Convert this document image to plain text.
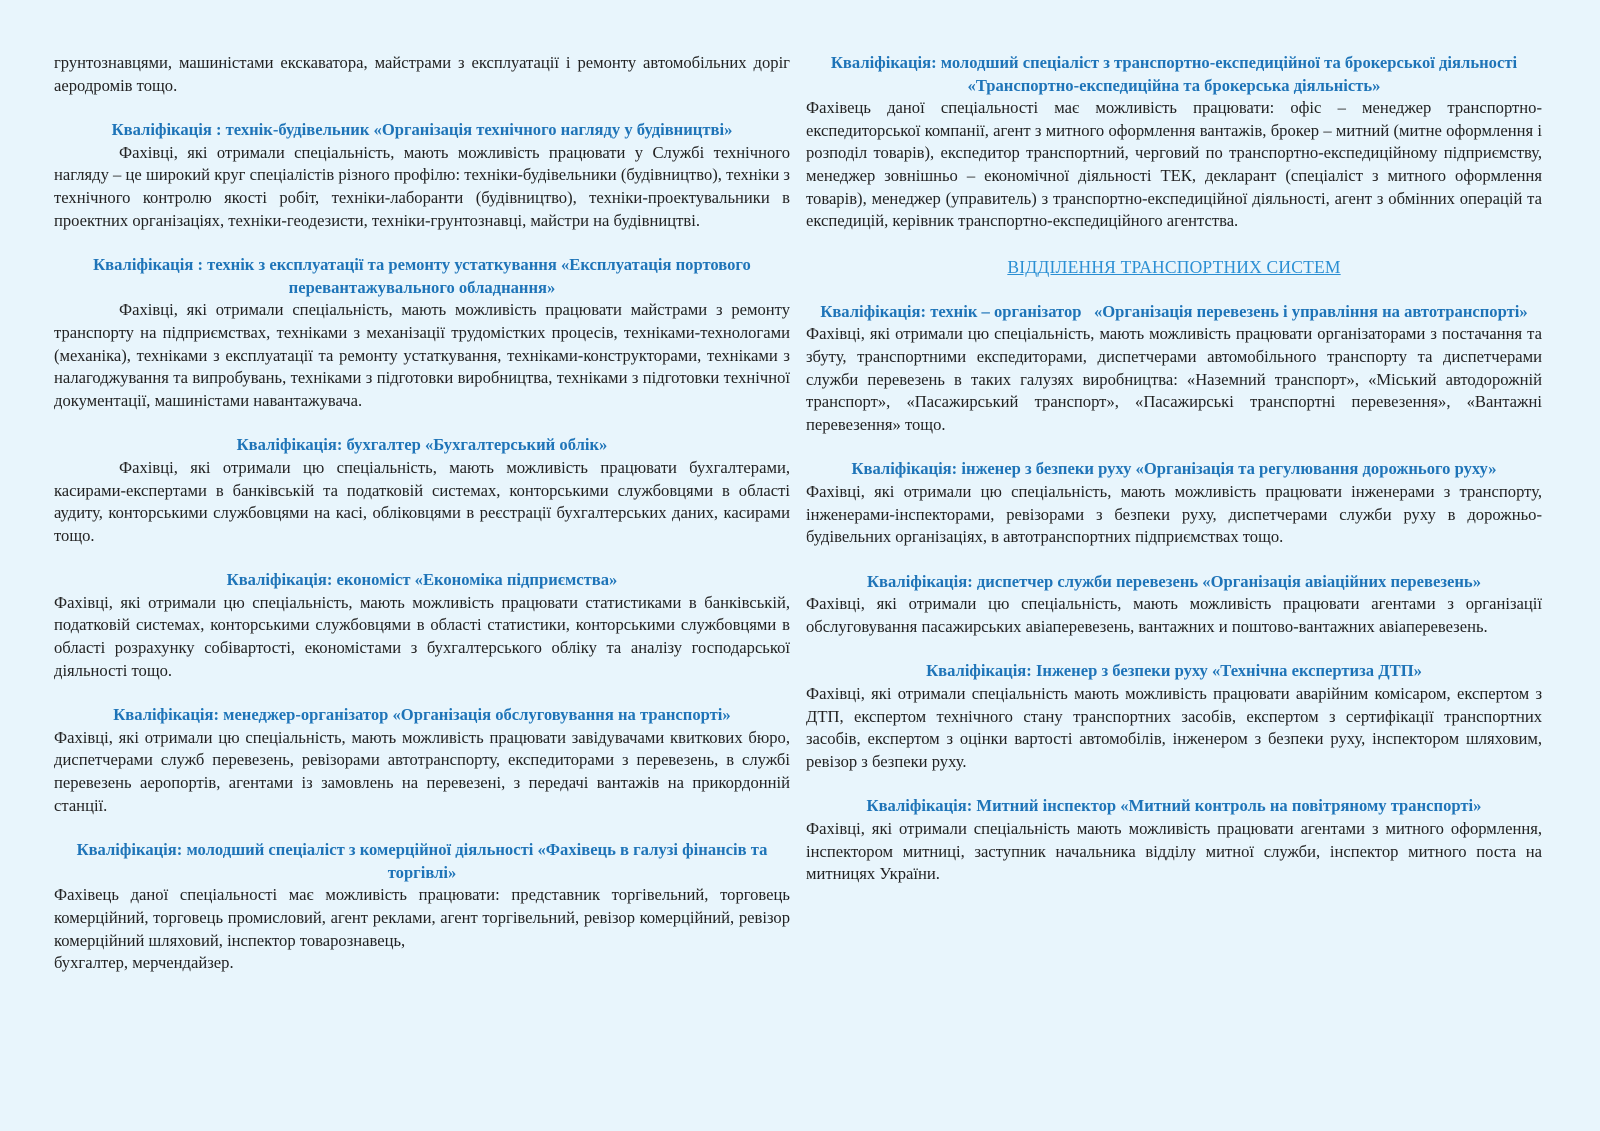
грунтознавцями, машиністами екскаватора, майстрами з експлуатації і ремонту автомобільних доріг аеродромів тощо.

Кваліфікація : технік-будівельник «Організація технічного нагляду у будівництві»

Фахівці, які отримали спеціальність, мають можливість працювати у Службі технічного нагляду – це широкий круг спеціалістів різного профілю: техніки-будівельники (будівництво), техніки з технічного контролю якості робіт, техніки-лаборанти (будівництво), техніки-проектувальники в проектних організаціях, техніки-геодезисти, техніки-грунтознавці, майстри на будівництві.

Кваліфікація : технік з експлуатації та ремонту устаткування «Експлуатація портового перевантажувального обладнання»

Фахівці, які отримали спеціальність, мають можливість працювати майстрами з ремонту транспорту на підприємствах, техніками з механізації трудомістких процесів, техніками-технологами (механіка), техніками з експлуатації та ремонту устаткування, техніками-конструкторами, техніками з налагоджування та випробувань, техніками з підготовки виробництва, техніками з підготовки технічної документації, машиністами навантажувача.

Кваліфікація: бухгалтер «Бухгалтерський облік»

Фахівці, які отримали цю спеціальність, мають можливість працювати бухгалтерами, касирами-експертами в банківській та податковій системах, конторськими службовцями в області аудиту, конторськими службовцями на касі, обліковцями в реєстрації бухгалтерських даних, касирами тощо.

Кваліфікація: економіст «Економіка підприємства»

Фахівці, які отримали цю спеціальність, мають можливість працювати статистиками в банківській, податковій системах, конторськими службовцями в області статистики, конторськими службовцями в області розрахунку собівартості, економістами з бухгалтерського обліку та аналізу господарської діяльності тощо.

Кваліфікація: менеджер-організатор «Організація обслуговування на транспорті»

Фахівці, які отримали цю спеціальність, мають можливість працювати завідувачами квиткових бюро, диспетчерами служб перевезень, ревізорами автотранспорту, експедиторами з перевезень, в службі перевезень аеропортів, агентами із замовлень на перевезені, з передачі вантажів на прикордонній станції.

Кваліфікація: молодший спеціаліст з комерційної діяльності «Фахівець в галузі фінансів та торгівлі»

Фахівець даної спеціальності має можливість працювати: представник торгівельний, торговець комерційний, торговець промисловий, агент реклами, агент торгівельний, ревізор комерційний, ревізор комерційний шляховий, інспектор товарознавець,

бухгалтер, мерчендайзер.

Кваліфікація: молодший спеціаліст з транспортно-експедиційної та брокерської діяльності «Транспортно-експедиційна та брокерська діяльність»

Фахівець даної спеціальності має можливість працювати: офіс – менеджер транспортно-експедиторської компанії, агент з митного оформлення вантажів, брокер – митний (митне оформлення і розподіл товарів), експедитор транспортний, черговий по транспортно-експедиційному підприємству, менеджер зовнішньо – економічної діяльності ТЕК, декларант (спеціаліст з митного оформлення товарів), менеджер (управитель) з транспортно-експедиційної діяльності, агент з обмінних операцій та експедицій, керівник транспортно-експедиційного агентства.

ВІДДІЛЕННЯ ТРАНСПОРТНИХ СИСТЕМ
Кваліфікація: технік – організатор   «Організація перевезень і управління на автотранспорті»

Фахівці, які отримали цю спеціальність, мають можливість працювати організаторами з постачання та збуту, транспортними експедиторами, диспетчерами автомобільного транспорту та диспетчерами служби перевезень в таких галузях виробництва: «Наземний транспорт», «Міський автодорожній транспорт», «Пасажирський транспорт», «Пасажирські транспортні перевезення», «Вантажні перевезення» тощо.

Кваліфікація: інженер з безпеки руху «Організація та регулювання дорожнього руху»

Фахівці, які отримали цю спеціальність, мають можливість працювати інженерами з транспорту, інженерами-інспекторами, ревізорами з безпеки руху, диспетчерами служби руху в дорожньо-будівельних організаціях, в автотранспортних підприємствах тощо.

Кваліфікація: диспетчер служби перевезень «Організація авіаційних перевезень»

Фахівці, які отримали цю спеціальність, мають можливість працювати агентами з організації обслуговування пасажирських авіаперевезень, вантажних и поштово-вантажних авіаперевезень.

Кваліфікація: Інженер з безпеки руху «Технічна експертиза ДТП»

Фахівці, які отримали спеціальність мають можливість працювати аварійним комісаром, експертом з ДТП, експертом технічного стану транспортних засобів, експертом з сертифікації транспортних засобів, експертом з оцінки вартості автомобілів, інженером з безпеки руху, інспектором шляховим, ревізор з безпеки руху.

Кваліфікація: Митний інспектор «Митний контроль на повітряному транспорті»

Фахівці, які отримали спеціальність мають можливість працювати агентами з митного оформлення, інспектором митниці, заступник начальника відділу митної служби, інспектор митного поста на митницях України.
